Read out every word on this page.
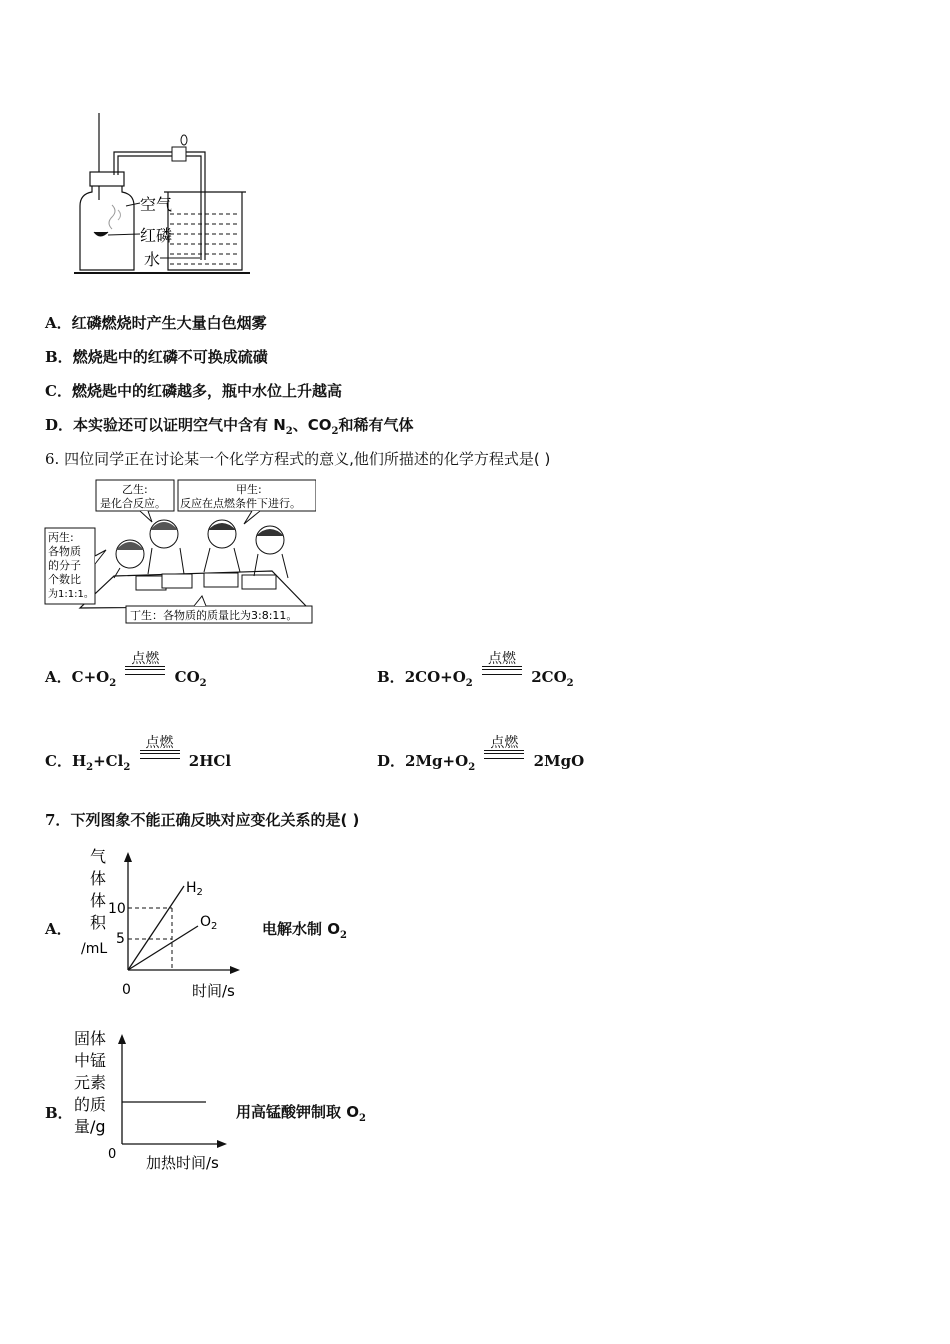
空气
红磷
水
A．红磷燃烧时产生大量白色烟雾
B．燃烧匙中的红磷不可换成硫磺
C．燃烧匙中的红磷越多，瓶中水位上升越高
D．本实验还可以证明空气中含有 $N_2$、$CO_2$和稀有气体
6. 四位同学正在讨论某一个化学方程式的意义,他们所描述的化学方程式是( )
乙生:
是化合反应。
甲生:
反应在点燃条件下进行。
丙生:
各物质
的分子
个数比
为1:1:1。
丁生：各物质的质量比为3:8:11。
A．$C+O_2$
点燃
$CO_2$	B．$2CO+O_2$
点燃
$2CO_2$
C．$H_2+Cl_2$
点燃
2HCl	D．$2Mg+O_2$
点燃
2MgO
7．下列图象不能正确反映对应变化关系的是( )
A．
气
体
体
积
/mL
10
5
0	时间/s
$H_2$
$O_2$	电解水制 $O_2$
B．
固体
中锰
元素
的质
量/g
0 加热时间/s
用高锰酸钾制取 $O_2$
